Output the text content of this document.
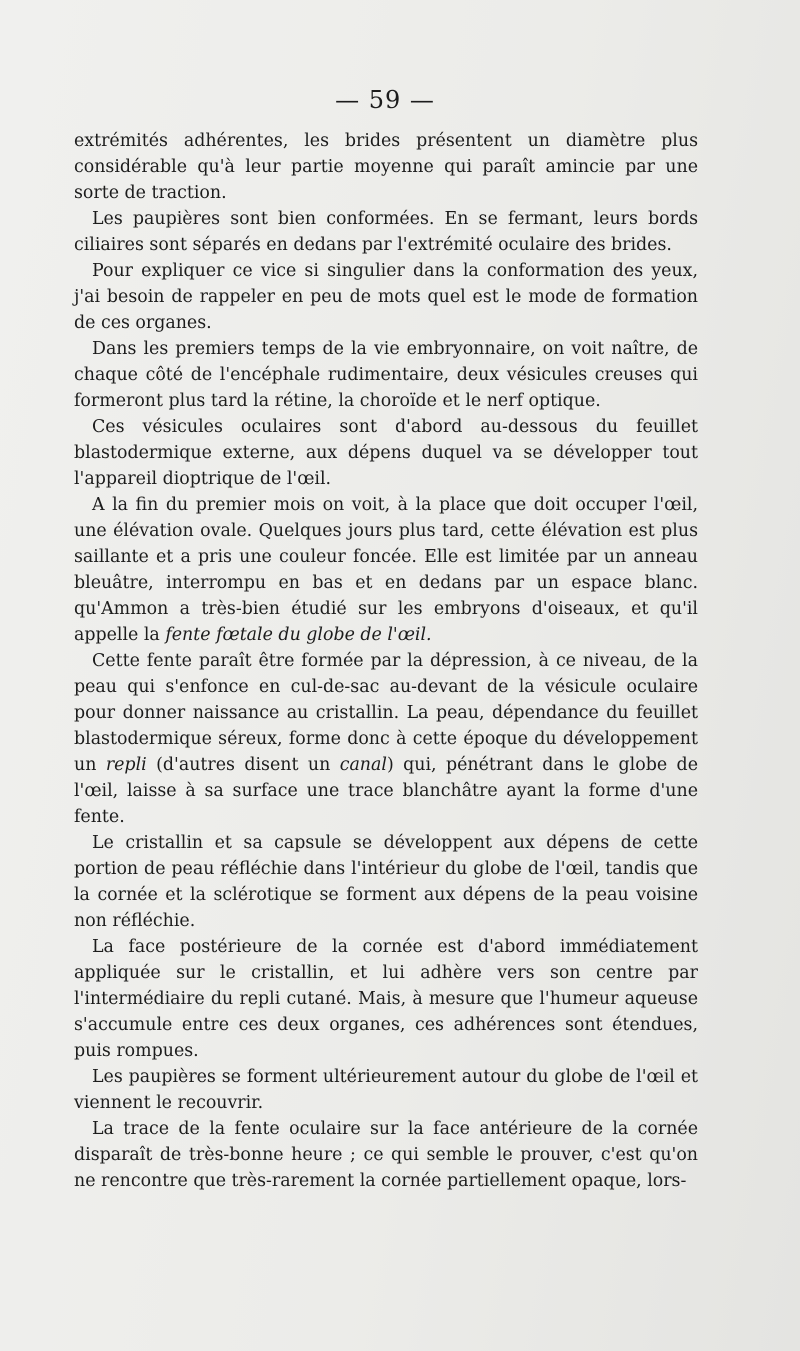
— 59 —

extrémités adhérentes, les brides présentent un diamètre plus considérable qu'à leur partie moyenne qui paraît amincie par une sorte de traction.

Les paupières sont bien conformées. En se fermant, leurs bords ciliaires sont séparés en dedans par l'extrémité oculaire des brides.

Pour expliquer ce vice si singulier dans la conformation des yeux, j'ai besoin de rappeler en peu de mots quel est le mode de formation de ces organes.

Dans les premiers temps de la vie embryonnaire, on voit naître, de chaque côté de l'encéphale rudimentaire, deux vésicules creuses qui formeront plus tard la rétine, la choroïde et le nerf optique.

Ces vésicules oculaires sont d'abord au-dessous du feuillet blastodermique externe, aux dépens duquel va se développer tout l'appareil dioptrique de l'œil.

A la fin du premier mois on voit, à la place que doit occuper l'œil, une élévation ovale. Quelques jours plus tard, cette élévation est plus saillante et a pris une couleur foncée. Elle est limitée par un anneau bleuâtre, interrompu en bas et en dedans par un espace blanc. qu'Ammon a très-bien étudié sur les embryons d'oiseaux, et qu'il appelle la fente fœtale du globe de l'œil.

Cette fente paraît être formée par la dépression, à ce niveau, de la peau qui s'enfonce en cul-de-sac au-devant de la vésicule oculaire pour donner naissance au cristallin. La peau, dépendance du feuillet blastodermique séreux, forme donc à cette époque du développement un repli (d'autres disent un canal) qui, pénétrant dans le globe de l'œil, laisse à sa surface une trace blanchâtre ayant la forme d'une fente.

Le cristallin et sa capsule se développent aux dépens de cette portion de peau réfléchie dans l'intérieur du globe de l'œil, tandis que la cornée et la sclérotique se forment aux dépens de la peau voisine non réfléchie.

La face postérieure de la cornée est d'abord immédiatement appliquée sur le cristallin, et lui adhère vers son centre par l'intermédiaire du repli cutané. Mais, à mesure que l'humeur aqueuse s'accumule entre ces deux organes, ces adhérences sont étendues, puis rompues.

Les paupières se forment ultérieurement autour du globe de l'œil et viennent le recouvrir.

La trace de la fente oculaire sur la face antérieure de la cornée disparaît de très-bonne heure ; ce qui semble le prouver, c'est qu'on ne rencontre que très-rarement la cornée partiellement opaque, lors-
